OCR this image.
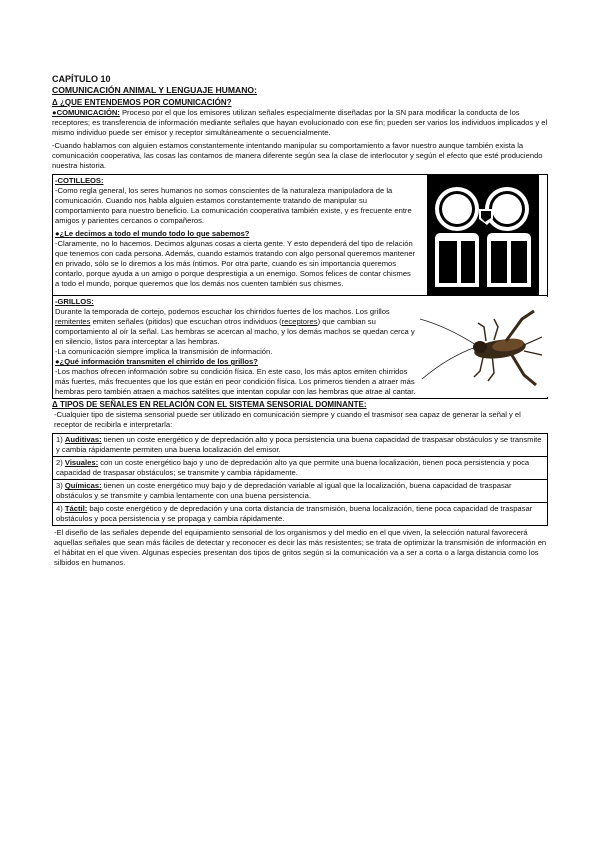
CAPÍTULO 10
COMUNICACIÓN ANIMAL Y LENGUAJE HUMANO:
Δ ¿QUE ENTENDEMOS POR COMUNICACIÓN?

●COMUNICACIÓN: Proceso por el que los emisores utilizan señales especialmente diseñadas por la SN para modificar la conducta de los receptores; es transferencia de información mediante señales que hayan evolucionado con ese fin; pueden ser varios los individuos implicados y el mismo individuo puede ser emisor y receptor simultáneamente o secuencialmente.

-Cuando hablamos con alguien estamos constantemente intentando manipular su comportamiento a favor nuestro aunque también exista la comunicación cooperativa, las cosas las contamos de manera diferente según sea la clase de interlocutor y según el efecto que esté produciendo nuestra historia.

-COTILLEOS:

-Como regla general, los seres humanos no somos conscientes de la naturaleza manipuladora de la comunicación. Cuando nos habla alguien estamos constantemente tratando de manipular su comportamiento para nuestro beneficio. La comunicación cooperativa también existe, y es frecuente entre amigos y parientes cercanos o compañeros.

●¿Le decimos a todo el mundo todo lo que sabemos?

-Claramente, no lo hacemos. Decimos algunas cosas a cierta gente. Y esto dependerá del tipo de relación que tenemos con cada persona. Además, cuando estamos tratando con algo personal queremos mantener en privado, sólo se lo diremos a los más íntimos. Por otra parte, cuando es sin importancia queremos contarlo, porque ayuda a un amigo o porque desprestigia a un enemigo. Somos felices de contar chismes a todo el mundo, porque queremos que los demás nos cuenten también sus chismes.

-GRILLOS:

Durante la temporada de cortejo, podemos escuchar los chirridos fuertes de los machos. Los grillos remitentes emiten señales (pitidos) que escuchan otros individuos (receptores) que cambian su comportamiento al oír la señal. Las hembras se acercan al macho, y los demás machos se quedan cerca y en silencio, listos para interceptar a las hembras.

-La comunicación siempre implica la transmisión de información.

●¿Qué información transmiten el chirrido de los grillos?

-Los machos ofrecen información sobre su condición física. En este caso, los más aptos emiten chirridos más fuertes, más frecuentes que los que están en peor condición física. Los primeros tienden a atraer más hembras pero también atraen a machos satélites que intentan copular con las hembras que atrae al cantar.

Δ TIPOS DE SEÑALES EN RELACIÓN CON EL SISTEMA SENSORIAL DOMINANTE:

-Cualquier tipo de sistema sensorial puede ser utilizado en comunicación siempre y cuando el trasmisor sea capaz de generar la señal y el receptor de recibirla e interpretarla:

1) Auditivas: tienen un coste energético y de depredación alto y poca persistencia una buena capacidad de traspasar obstáculos y se transmite y cambia rápidamente permiten una buena localización del emisor.
2) Visuales: con un coste energético bajo y uno de depredación alto ya que permite una buena localización, tienen poca persistencia y poca capacidad de traspasar obstáculos; se transmite y cambia rápidamente.
3) Químicas: tienen un coste energético muy bajo y de depredación variable al igual que la localización, buena capacidad de traspasar obstáculos y se transmite y cambia lentamente con una buena persistencia.
4) Táctil: bajo coste energético y de depredación y una corta distancia de transmisión, buena localización, tiene poca capacidad de traspasar obstáculos y poca persistencia y se propaga y cambia rápidamente.

-El diseño de las señales depende del equipamiento sensorial de los organismos y del medio en el que viven, la selección natural favorecerá aquellas señales que sean más fáciles de detectar y reconocer es decir las más resistentes; se trata de optimizar la transmisión de información en el hábitat en el que viven. Algunas especies presentan dos tipos de gritos según si la comunicación va a ser a corta o a larga distancia como los silbidos en humanos.
